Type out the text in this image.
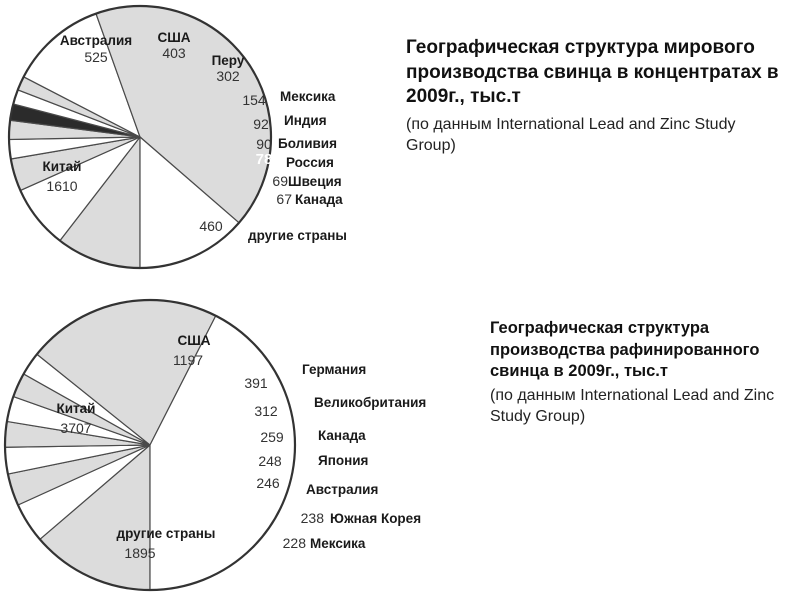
США
403 Перу
302
Мексика
154
Индия
92
Боливия
90
Россия
78
Швеция
69
Канада
67
другие страны
460
Китай
1610
Австралия
525
США
1197
Германия
391
Великобритания
312
Канада
259
Япония
248
Австралия
246
Южная Корея
238
Мексика
228
другие страны
1895
Китай
3707
Географическая структура мирового производства свинца в концентратах в 2009г., тыс.т
(по данным International Lead and Zinc Study Group)
Географическая структура производства рафинированного свинца в 2009г., тыс.т
(по данным International Lead and Zinc Study Group)
